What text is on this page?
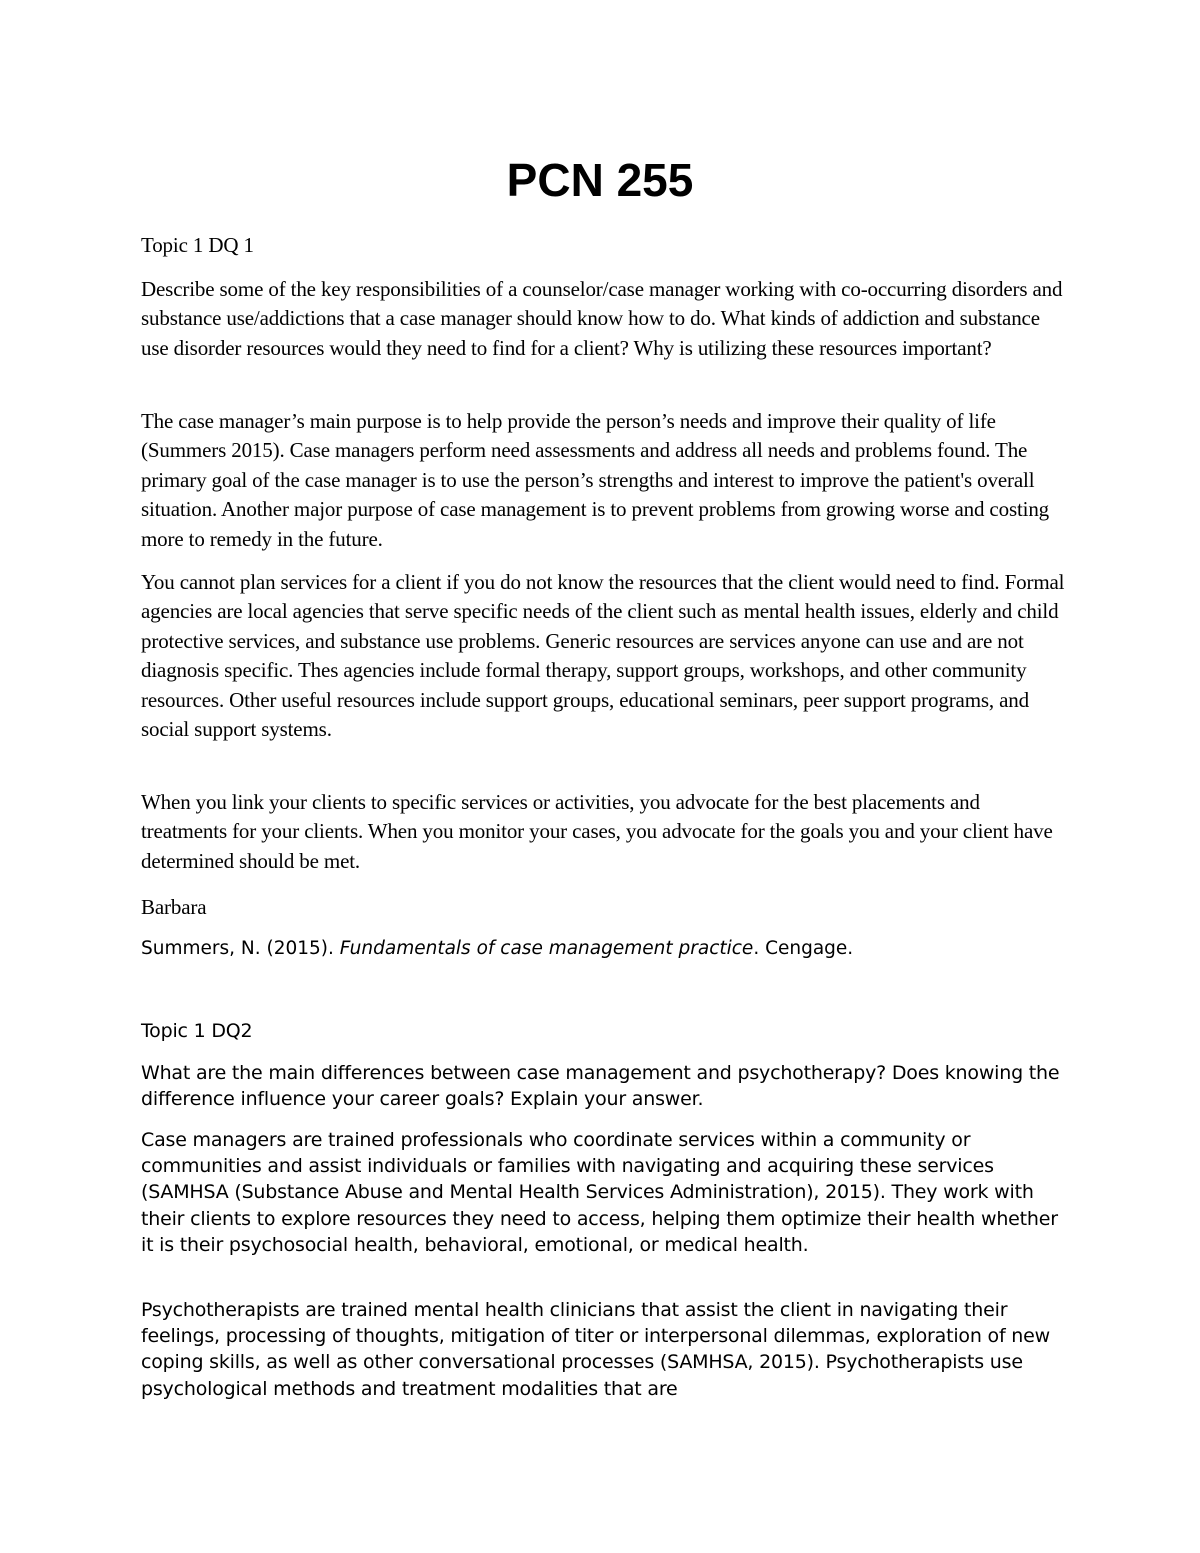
PCN 255

Topic 1 DQ 1

Describe some of the key responsibilities of a counselor/case manager working with co-occurring disorders and substance use/addictions that a case manager should know how to do. What kinds of addiction and substance use disorder resources would they need to find for a client? Why is utilizing these resources important?

The case manager’s main purpose is to help provide the person’s needs and improve their quality of life (Summers 2015). Case managers perform need assessments and address all needs and problems found. The primary goal of the case manager is to use the person’s strengths and interest to improve the patient's overall situation. Another major purpose of case management is to prevent problems from growing worse and costing more to remedy in the future.

You cannot plan services for a client if you do not know the resources that the client would need to find. Formal agencies are local agencies that serve specific needs of the client such as mental health issues, elderly and child protective services, and substance use problems. Generic resources are services anyone can use and are not diagnosis specific. Thes agencies include formal therapy, support groups, workshops, and other community resources. Other useful resources include support groups, educational seminars, peer support programs, and social support systems.

When you link your clients to specific services or activities, you advocate for the best placements and treatments for your clients. When you monitor your cases, you advocate for the goals you and your client have determined should be met.

Barbara

Summers, N. (2015). Fundamentals of case management practice. Cengage.

Topic 1 DQ2

What are the main differences between case management and psychotherapy? Does knowing the difference influence your career goals? Explain your answer.

Case managers are trained professionals who coordinate services within a community or communities and assist individuals or families with navigating and acquiring these services (SAMHSA (Substance Abuse and Mental Health Services Administration), 2015). They work with their clients to explore resources they need to access, helping them optimize their health whether it is their psychosocial health, behavioral, emotional, or medical health.

Psychotherapists are trained mental health clinicians that assist the client in navigating their feelings, processing of thoughts, mitigation of titer or interpersonal dilemmas, exploration of new coping skills, as well as other conversational processes (SAMHSA, 2015). Psychotherapists use psychological methods and treatment modalities that are
